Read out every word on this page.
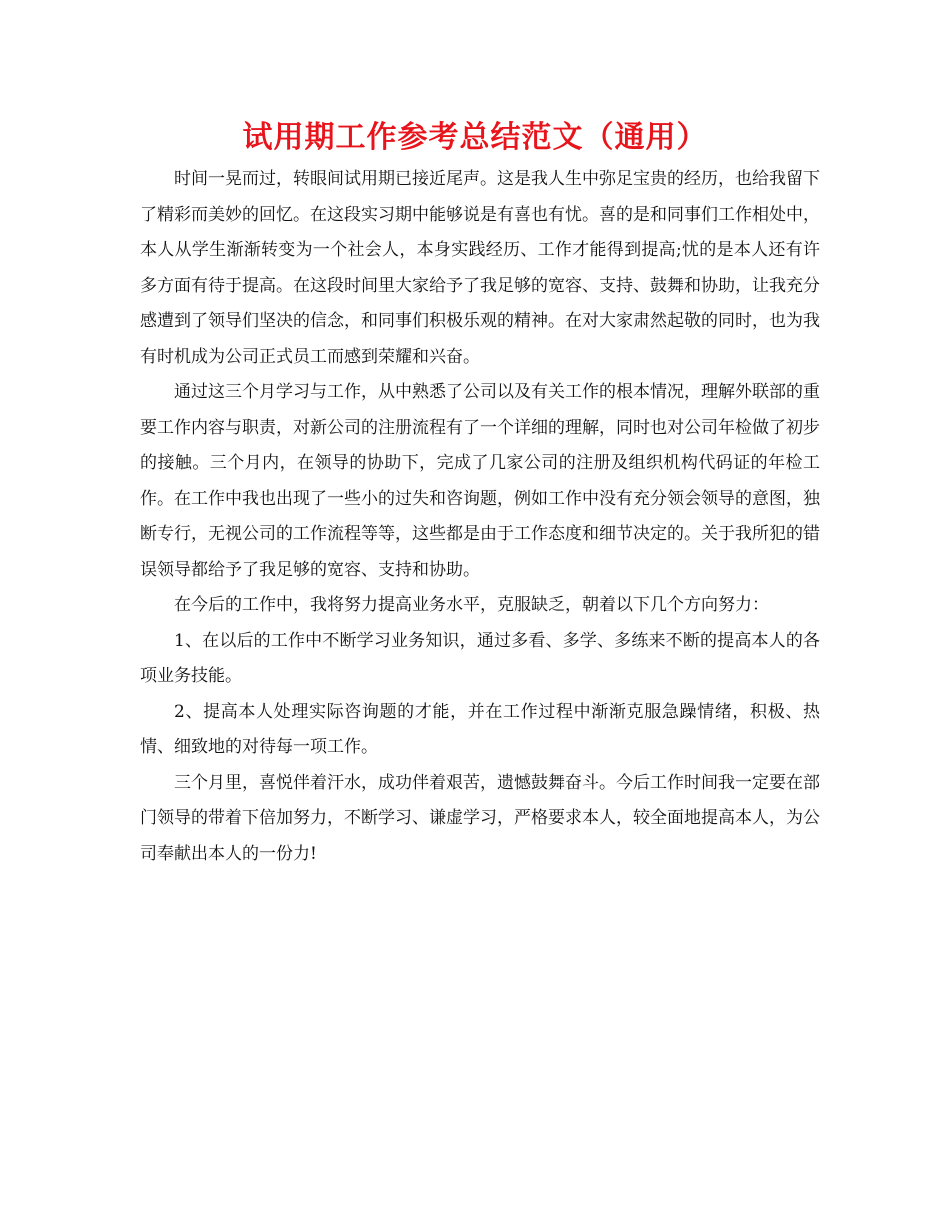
试用期工作参考总结范文（通用）

时间一晃而过，转眼间试用期已接近尾声。这是我人生中弥足宝贵的经历，也给我留下了精彩而美妙的回忆。在这段实习期中能够说是有喜也有忧。喜的是和同事们工作相处中，本人从学生渐渐转变为一个社会人，本身实践经历、工作才能得到提高;忧的是本人还有许多方面有待于提高。在这段时间里大家给予了我足够的宽容、支持、鼓舞和协助，让我充分感遭到了领导们坚决的信念，和同事们积极乐观的精神。在对大家肃然起敬的同时，也为我有时机成为公司正式员工而感到荣耀和兴奋。

通过这三个月学习与工作，从中熟悉了公司以及有关工作的根本情况，理解外联部的重要工作内容与职责，对新公司的注册流程有了一个详细的理解，同时也对公司年检做了初步的接触。三个月内，在领导的协助下，完成了几家公司的注册及组织机构代码证的年检工作。在工作中我也出现了一些小的过失和咨询题，例如工作中没有充分领会领导的意图，独断专行，无视公司的工作流程等等，这些都是由于工作态度和细节决定的。关于我所犯的错误领导都给予了我足够的宽容、支持和协助。

在今后的工作中，我将努力提高业务水平，克服缺乏，朝着以下几个方向努力：

1、在以后的工作中不断学习业务知识，通过多看、多学、多练来不断的提高本人的各项业务技能。

2、提高本人处理实际咨询题的才能，并在工作过程中渐渐克服急躁情绪，积极、热情、细致地的对待每一项工作。

三个月里，喜悦伴着汗水，成功伴着艰苦，遗憾鼓舞奋斗。今后工作时间我一定要在部门领导的带着下倍加努力，不断学习、谦虚学习，严格要求本人，较全面地提高本人，为公司奉献出本人的一份力!
